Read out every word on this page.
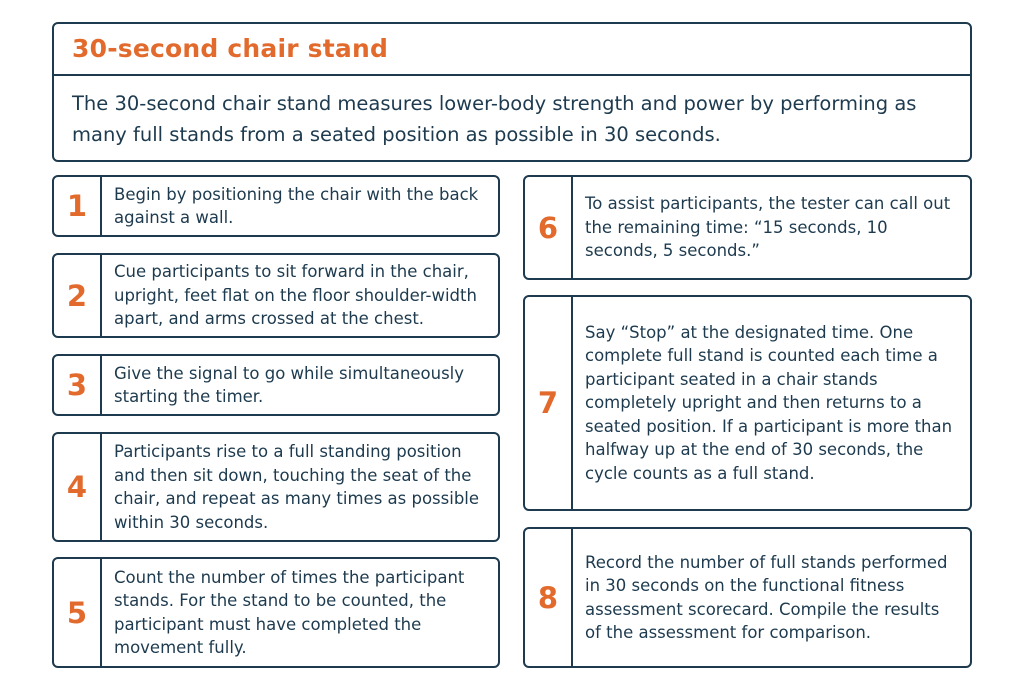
30-second chair stand
The 30-second chair stand measures lower-body strength and power by performing as many full stands from a seated position as possible in 30 seconds.
1	Begin by positioning the chair with the back against a wall.
2
Cue participants to sit forward in the chair, upright, feet flat on the floor shoulder-width apart, and arms crossed at the chest.
3	Give the signal to go while simultaneously starting the timer.
4
Participants rise to a full standing position and then sit down, touching the seat of the chair, and repeat as many times as possible within 30 seconds.
5
Count the number of times the participant stands. For the stand to be counted, the participant must have completed the movement fully.
6
To assist participants, the tester can call out the remaining time: “15 seconds, 10 seconds, 5 seconds.”
7
Say “Stop” at the designated time. One complete full stand is counted each time a participant seated in a chair stands completely upright and then returns to a seated position. If a participant is more than halfway up at the end of 30 seconds, the cycle counts as a full stand.
8
Record the number of full stands performed in 30 seconds on the functional fitness assessment scorecard. Compile the results of the assessment for comparison.
